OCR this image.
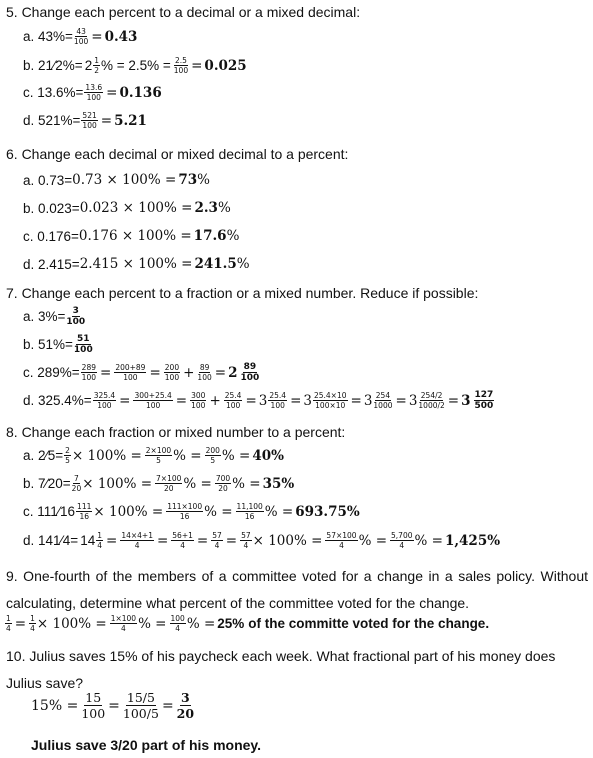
5. Change each percent to a decimal or a mixed decimal:
a. $43\%= \frac{43}{100} = 0.43$
b. 21⁄2%= $2 \frac{1}{2}$ % = $2.5\% = \frac{2.5}{100} = 0.025$
c. $13.6\%= \frac{13.6}{100} = 0.136$
d. $521\%= \frac{521}{100} = 5.21$
6. Change each decimal or mixed decimal to a percent:
a. 0.73= 0.73 × 100% = 73 %
b. 0.023= 0.023 × 100% = 2.3 %
c. 0.176= 0.176 × 100% = 17.6 %
d. 2.415= 2.415 × 100% = 241.5 %
7. Change each percent to a fraction or a mixed number. Reduce if possible:
a. $3\%= \frac{3}{100}$
b. $51\%= \frac{51}{100}$
c. $289\%= \frac{289}{100} = \frac{200+89}{100} = \frac{200}{100} + \frac{89}{100} = 2 \frac{89}{100}$
d. $325.4\%= \frac{325.4}{100} = \frac{300+25.4}{100} = \frac{300}{100} + \frac{25.4}{100} = 3 \frac{25.4}{100} = 3 \frac{25.4\times 10}{100\times 10} = 3 \frac{254}{1000} = 3 \frac{254/2}{1000/2} = 3 \frac{127}{500}$
8. Change each fraction or mixed number to a percent:
a. 2⁄5= $\frac{2}{5} \times 100\% = \frac{2\times 100}{5}$ % = $\frac{200}{5}$ % = 40%
b. 7⁄20= $\frac{7}{20} \times 100\% = \frac{7\times 100}{20}$ % = $\frac{700}{20}$ % = 35%
c. 111⁄16 $\frac{111}{16} \times 100\% = \frac{111\times 100}{16}$ % = $\frac{11,100}{16}$ % = 693.75%
d. 141⁄4= $14 \frac{1}{4} = \frac{14\times 4+1}{4} = \frac{56+1}{4} = \frac{57}{4} = \frac{57}{4} \times 100\% = \frac{57\times 100}{4}$ % = $\frac{5,700}{4}$ % = 1,425%
9. One-fourth of the members of a committee voted for a change in a sales policy. Without calculating, determine what percent of the committee voted for the change.
$\frac{1}{4} = \frac{1}{4} \times 100\% = \frac{1\times 100}{4}$ % = $\frac{100}{4}$ % = 25% of the committe voted for the change.
10. Julius saves 15% of his paycheck each week. What fractional part of his money does Julius save?
$15\% = \frac{15}{100} = \frac{15/5}{100/5} = \frac{3}{20}$
Julius save 3/20 part of his money.
